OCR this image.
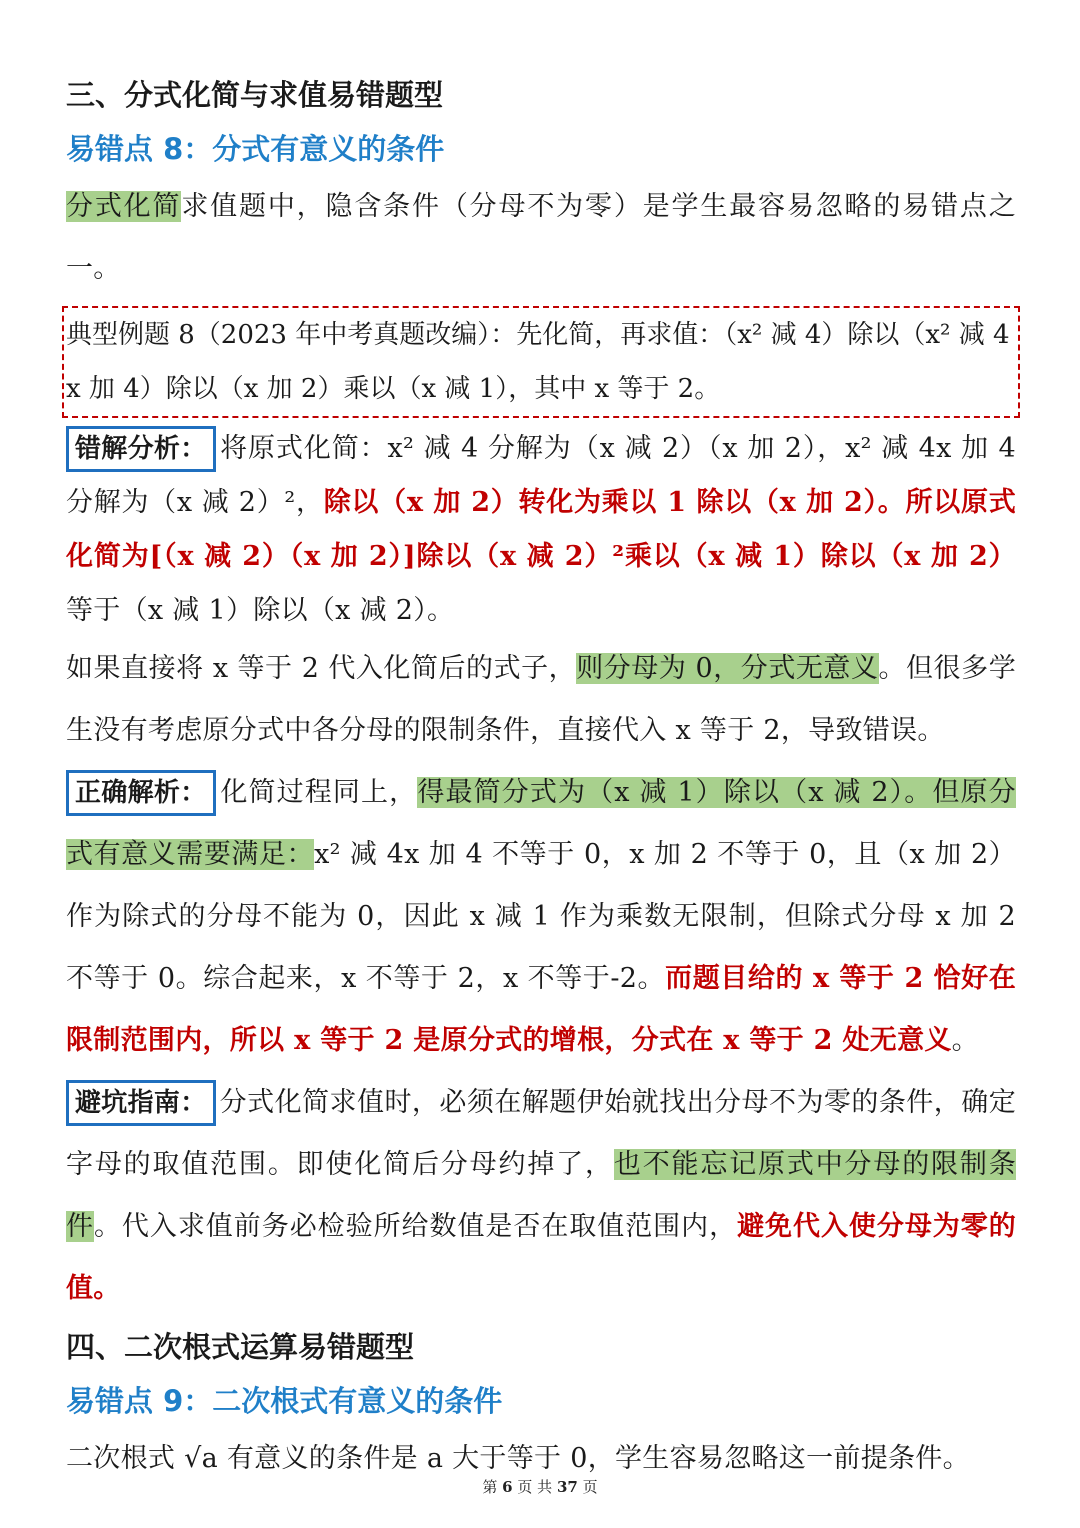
三、分式化简与求值易错题型

易错点 8：分式有意义的条件

分式化简求值题中，隐含条件（分母不为零）是学生最容易忽略的易错点之一。

典型例题 8（2023 年中考真题改编）：先化简，再求值：（x² 减 4）除以（x² 减 4x 加 4）除以（x 加 2）乘以（x 减 1），其中 x 等于 2。

错解分析： 将原式化简：x² 减 4 分解为（x 减 2）（x 加 2），x² 减 4x 加 4 分解为（x 减 2）²，除以（x 加 2）转化为乘以 1 除以（x 加 2）。所以原式化简为[（x 减 2）（x 加 2）]除以（x 减 2）²乘以（x 减 1）除以（x 加 2）等于（x 减 1）除以（x 减 2）。

如果直接将 x 等于 2 代入化简后的式子，则分母为 0，分式无意义。但很多学生没有考虑原分式中各分母的限制条件，直接代入 x 等于 2，导致错误。

正确解析： 化简过程同上，得最简分式为（x 减 1）除以（x 减 2）。但原分式有意义需要满足：x² 减 4x 加 4 不等于 0，x 加 2 不等于 0，且（x 加 2）作为除式的分母不能为 0，因此 x 减 1 作为乘数无限制，但除式分母 x 加 2 不等于 0。综合起来，x 不等于 2，x 不等于-2。而题目给的 x 等于 2 恰好在限制范围内，所以 x 等于 2 是原分式的增根，分式在 x 等于 2 处无意义。

避坑指南： 分式化简求值时，必须在解题伊始就找出分母不为零的条件，确定字母的取值范围。即使化简后分母约掉了，也不能忘记原式中分母的限制条件。代入求值前务必检验所给数值是否在取值范围内，避免代入使分母为零的值。

四、二次根式运算易错题型

易错点 9：二次根式有意义的条件

二次根式 √a 有意义的条件是 a 大于等于 0，学生容易忽略这一前提条件。

第 6 页 共 37 页
